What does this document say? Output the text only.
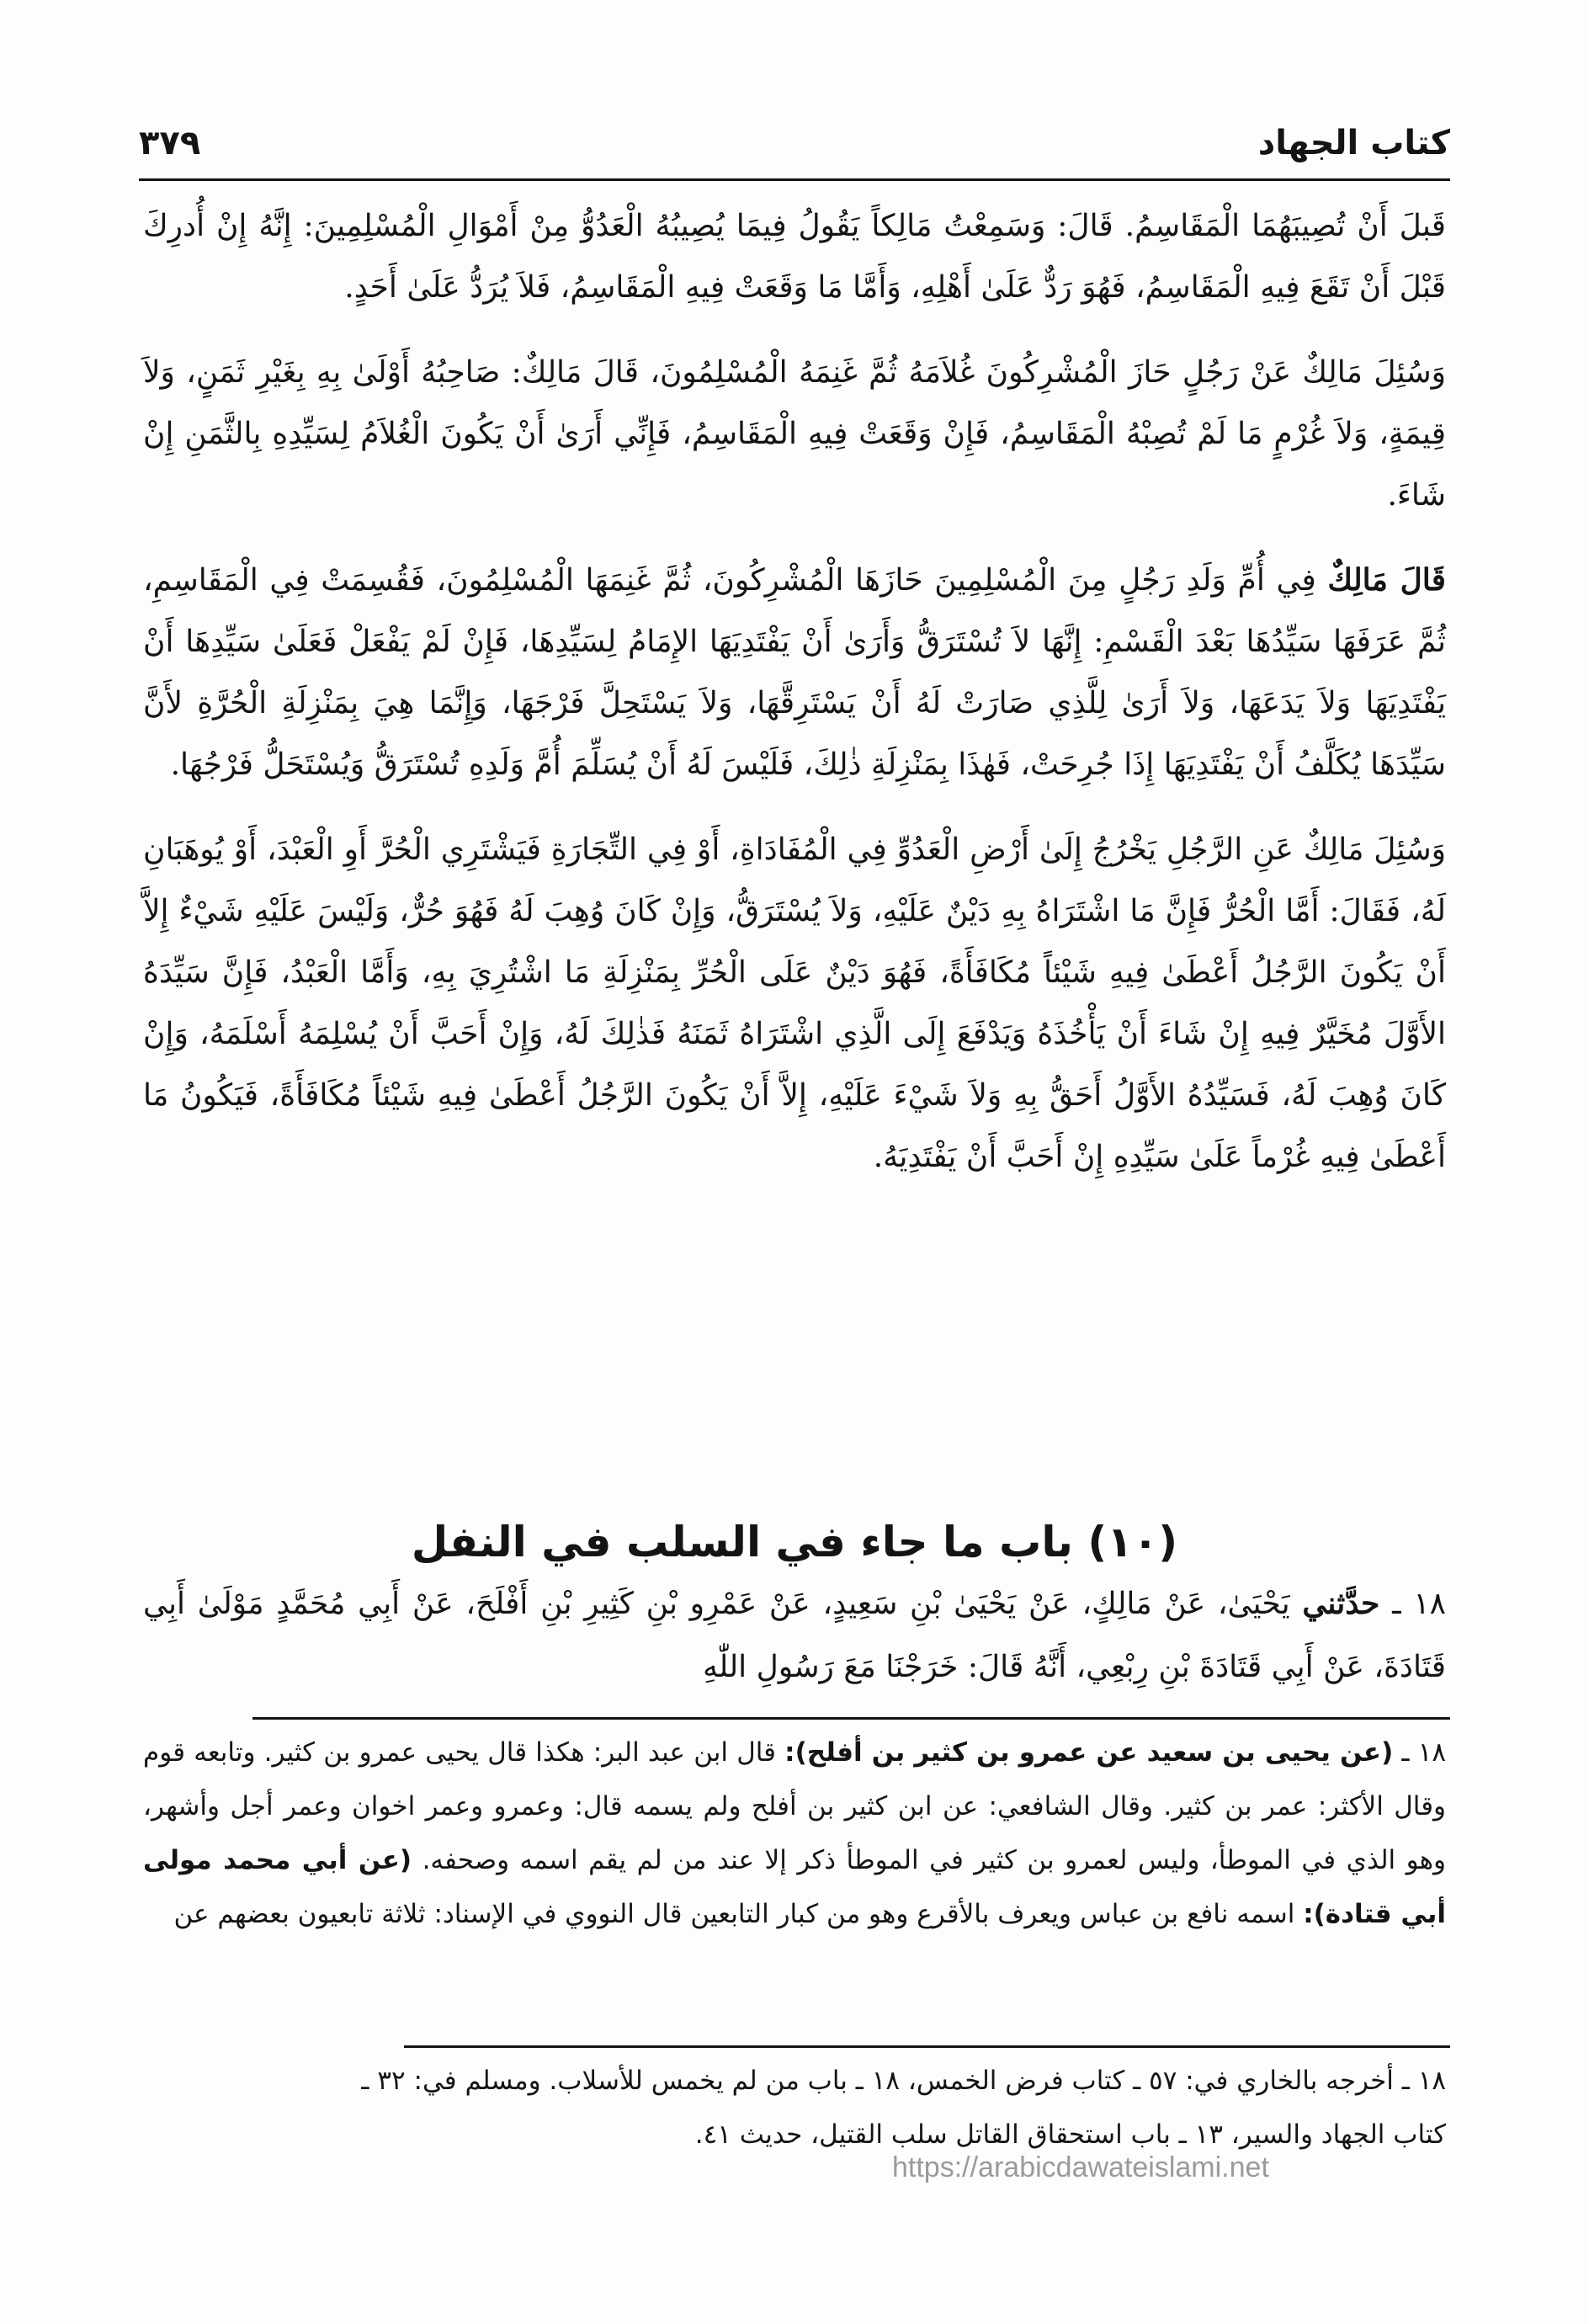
كتاب الجهاد
٣٧٩

قَبلَ أَنْ تُصِيبَهُمَا الْمَقَاسِمُ. قَالَ: وَسَمِعْتُ مَالِكاً يَقُولُ فِيمَا يُصِيبُهُ الْعَدُوُّ مِنْ أَمْوَالِ الْمُسْلِمِينَ: إِنَّهُ إِنْ أُدرِكَ قَبْلَ أَنْ تَقَعَ فِيهِ الْمَقَاسِمُ، فَهُوَ رَدٌّ عَلَىٰ أَهْلِهِ، وَأَمَّا مَا وَقَعَتْ فِيهِ الْمَقَاسِمُ، فَلاَ يُرَدُّ عَلَىٰ أَحَدٍ.

وَسُئِلَ مَالِكٌ عَنْ رَجُلٍ حَازَ الْمُشْرِكُونَ غُلاَمَهُ ثُمَّ غَنِمَهُ الْمُسْلِمُونَ، قَالَ مَالِكٌ: صَاحِبُهُ أَوْلَىٰ بِهِ بِغَيْرِ ثَمَنٍ، وَلاَ قِيمَةٍ، وَلاَ غُرْمٍ مَا لَمْ تُصِبْهُ الْمَقَاسِمُ، فَإِنْ وَقَعَتْ فِيهِ الْمَقَاسِمُ، فَإِنِّي أَرَىٰ أَنْ يَكُونَ الْغُلاَمُ لِسَيِّدِهِ بِالثَّمَنِ إِنْ شَاءَ.

قَالَ مَالِكٌ فِي أُمِّ وَلَدِ رَجُلٍ مِنَ الْمُسْلِمِينَ حَازَهَا الْمُشْرِكُونَ، ثُمَّ غَنِمَهَا الْمُسْلِمُونَ، فَقُسِمَتْ فِي الْمَقَاسِمِ، ثُمَّ عَرَفَهَا سَيِّدُهَا بَعْدَ الْقَسْمِ: إِنَّهَا لاَ تُسْتَرَقُّ وَأَرَىٰ أَنْ يَفْتَدِيَهَا الإِمَامُ لِسَيِّدِهَا، فَإِنْ لَمْ يَفْعَلْ فَعَلَىٰ سَيِّدِهَا أَنْ يَفْتَدِيَهَا وَلاَ يَدَعَهَا، وَلاَ أَرَىٰ لِلَّذِي صَارَتْ لَهُ أَنْ يَسْتَرِقَّهَا، وَلاَ يَسْتَحِلَّ فَرْجَهَا، وَإِنَّمَا هِيَ بِمَنْزِلَةِ الْحُرَّةِ لأَنَّ سَيِّدَهَا يُكَلَّفُ أَنْ يَفْتَدِيَهَا إِذَا جُرِحَتْ، فَهٰذَا بِمَنْزِلَةِ ذٰلِكَ، فَلَيْسَ لَهُ أَنْ يُسَلِّمَ أُمَّ وَلَدِهِ تُسْتَرَقُّ وَيُسْتَحَلُّ فَرْجُهَا.

وَسُئِلَ مَالِكٌ عَنِ الرَّجُلِ يَخْرُجُ إِلَىٰ أَرْضِ الْعَدُوِّ فِي الْمُفَادَاةِ، أَوْ فِي التِّجَارَةِ فَيَشْتَرِي الْحُرَّ أَوِ الْعَبْدَ، أَوْ يُوهَبَانِ لَهُ، فَقَالَ: أَمَّا الْحُرُّ فَإِنَّ مَا اشْتَرَاهُ بِهِ دَيْنٌ عَلَيْهِ، وَلاَ يُسْتَرَقُّ، وَإِنْ كَانَ وُهِبَ لَهُ فَهُوَ حُرٌّ، وَلَيْسَ عَلَيْهِ شَيْءٌ إِلاَّ أَنْ يَكُونَ الرَّجُلُ أَعْطَىٰ فِيهِ شَيْئاً مُكَافَأَةً، فَهُوَ دَيْنٌ عَلَى الْحُرِّ بِمَنْزِلَةِ مَا اشْتُرِيَ بِهِ، وَأَمَّا الْعَبْدُ، فَإِنَّ سَيِّدَهُ الأَوَّلَ مُخَيَّرٌ فِيهِ إِنْ شَاءَ أَنْ يَأْخُذَهُ وَيَدْفَعَ إِلَى الَّذِي اشْتَرَاهُ ثَمَنَهُ فَذٰلِكَ لَهُ، وَإِنْ أَحَبَّ أَنْ يُسْلِمَهُ أَسْلَمَهُ، وَإِنْ كَانَ وُهِبَ لَهُ، فَسَيِّدُهُ الأَوَّلُ أَحَقُّ بِهِ وَلاَ شَيْءَ عَلَيْهِ، إِلاَّ أَنْ يَكُونَ الرَّجُلُ أَعْطَىٰ فِيهِ شَيْئاً مُكَافَأَةً، فَيَكُونُ مَا أَعْطَىٰ فِيهِ غُرْماً عَلَىٰ سَيِّدِهِ إِنْ أَحَبَّ أَنْ يَفْتَدِيَهُ.

(١٠) باب ما جاء في السلب في النفل

١٨ ـ حدَّثني يَحْيَىٰ، عَنْ مَالِكٍ، عَنْ يَحْيَىٰ بْنِ سَعِيدٍ، عَنْ عَمْرِو بْنِ كَثِيرِ بْنِ أَفْلَحَ، عَنْ أَبِي مُحَمَّدٍ مَوْلَىٰ أَبِي قَتَادَةَ، عَنْ أَبِي قَتَادَةَ بْنِ رِبْعِي، أَنَّهُ قَالَ: خَرَجْنَا مَعَ رَسُولِ اللّٰهِ

١٨ ـ (عن يحيى بن سعيد عن عمرو بن كثير بن أفلح): قال ابن عبد البر: هكذا قال يحيى عمرو بن كثير. وتابعه قوم وقال الأكثر: عمر بن كثير. وقال الشافعي: عن ابن كثير بن أفلح ولم يسمه قال: وعمرو وعمر اخوان وعمر أجل وأشهر، وهو الذي في الموطأ، وليس لعمرو بن كثير في الموطأ ذكر إلا عند من لم يقم اسمه وصحفه. (عن أبي محمد مولى أبي قتادة): اسمه نافع بن عباس ويعرف بالأقرع وهو من كبار التابعين قال النووي في الإسناد: ثلاثة تابعيون بعضهم عن

١٨ ـ أخرجه بالخاري في: ٥٧ ـ كتاب فرض الخمس، ١٨ ـ باب من لم يخمس للأسلاب. ومسلم في: ٣٢ ـ

كتاب الجهاد والسير، ١٣ ـ باب استحقاق القاتل سلب القتيل، حديث ٤١.

https://arabicdawateislami.net
